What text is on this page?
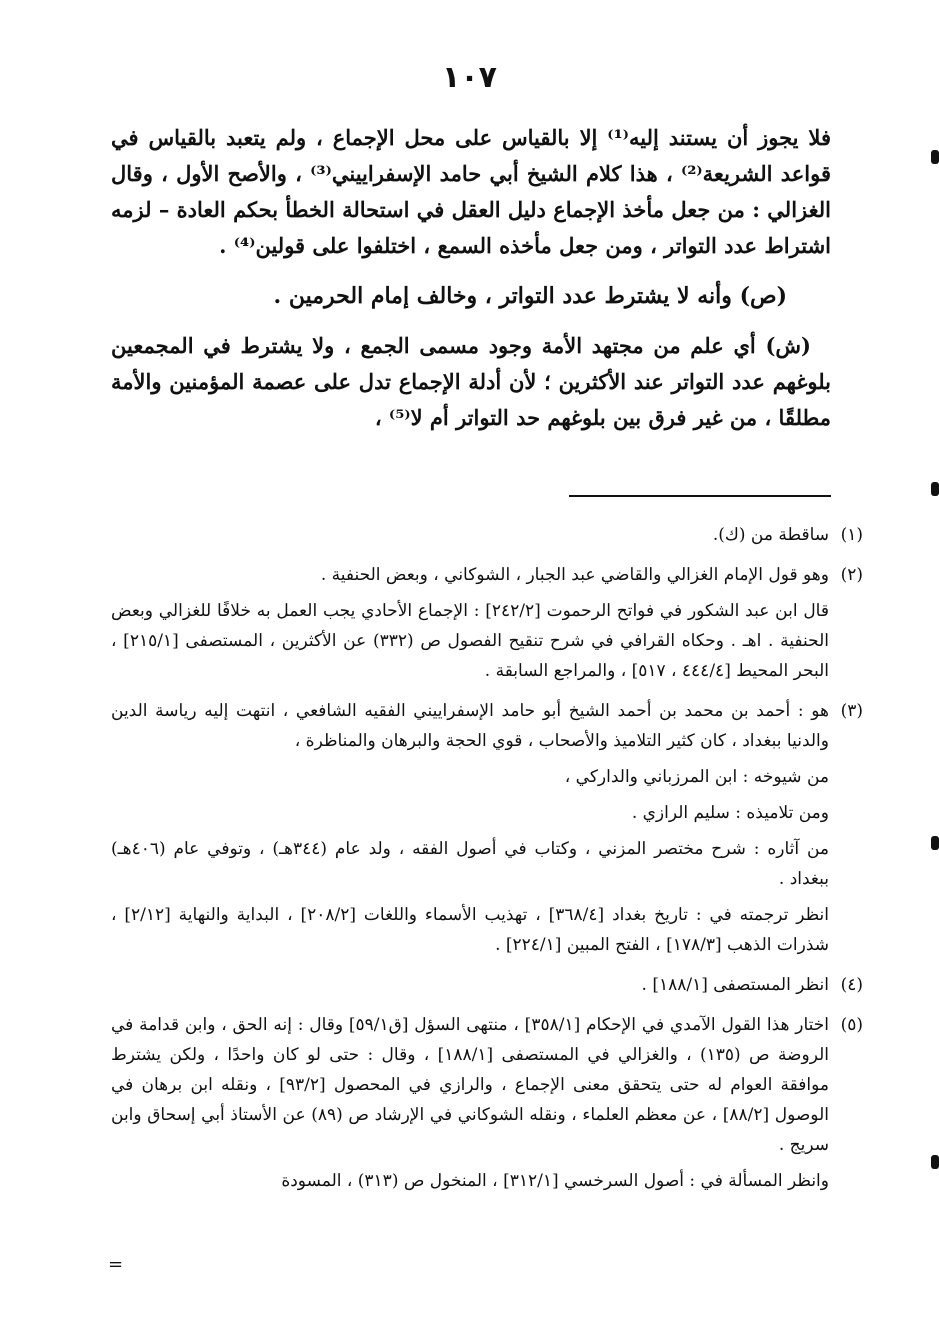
١٠٧

فلا يجوز أن يستند إليه⁽¹⁾ إلا بالقياس على محل الإجماع ، ولم يتعبد بالقياس في قواعد الشريعة⁽²⁾ ، هذا كلام الشيخ أبي حامد الإسفراييني⁽³⁾ ، والأصح الأول ، وقال الغزالي : من جعل مأخذ الإجماع دليل العقل في استحالة الخطأ بحكم العادة – لزمه اشتراط عدد التواتر ، ومن جعل مأخذه السمع ، اختلفوا على قولين⁽⁴⁾ .

(ص) وأنه لا يشترط عدد التواتر ، وخالف إمام الحرمين .

(ش) أي علم من مجتهد الأمة وجود مسمى الجمع ، ولا يشترط في المجمعين بلوغهم عدد التواتر عند الأكثرين ؛ لأن أدلة الإجماع تدل على عصمة المؤمنين والأمة مطلقًا ، من غير فرق بين بلوغهم حد التواتر أم لا⁽⁵⁾ ،

(١)

ساقطة من (ك).

(٢)

وهو قول الإمام الغزالي والقاضي عبد الجبار ، الشوكاني ، وبعض الحنفية .

قال ابن عبد الشكور في فواتح الرحموت [٢٤٢/٢] : الإجماع الأحادي يجب العمل به خلافًا للغزالي وبعض الحنفية . اهـ . وحكاه القرافي في شرح تنقيح الفصول ص (٣٣٢) عن الأكثرين ، المستصفى [٢١٥/١] ، البحر المحيط [٤٤٤/٤ ، ٥١٧] ، والمراجع السابقة .

(٣)

هو : أحمد بن محمد بن أحمد الشيخ أبو حامد الإسفراييني الفقيه الشافعي ، انتهت إليه رياسة الدين والدنيا ببغداد ، كان كثير التلاميذ والأصحاب ، قوي الحجة والبرهان والمناظرة ،

من شيوخه : ابن المرزباني والداركي ،

ومن تلاميذه : سليم الرازي .

من آثاره : شرح مختصر المزني ، وكتاب في أصول الفقه ، ولد عام (٣٤٤هـ) ، وتوفي عام (٤٠٦هـ) ببغداد .

انظر ترجمته في : تاريخ بغداد [٣٦٨/٤] ، تهذيب الأسماء واللغات [٢٠٨/٢] ، البداية والنهاية [٢/١٢] ، شذرات الذهب [١٧٨/٣] ، الفتح المبين [٢٢٤/١] .

(٤)

انظر المستصفى [١٨٨/١] .

(٥)

اختار هذا القول الآمدي في الإحكام [٣٥٨/١] ، منتهى السؤل [ق٥٩/١] وقال : إنه الحق ، وابن قدامة في الروضة ص (١٣٥) ، والغزالي في المستصفى [١٨٨/١] ، وقال : حتى لو كان واحدًا ، ولكن يشترط موافقة العوام له حتى يتحقق معنى الإجماع ، والرازي في المحصول [٩٣/٢] ، ونقله ابن برهان في الوصول [٨٨/٢] ، عن معظم العلماء ، ونقله الشوكاني في الإرشاد ص (٨٩) عن الأستاذ أبي إسحاق وابن سريج .

وانظر المسألة في : أصول السرخسي [٣١٢/١] ، المنخول ص (٣١٣) ، المسودة

=
